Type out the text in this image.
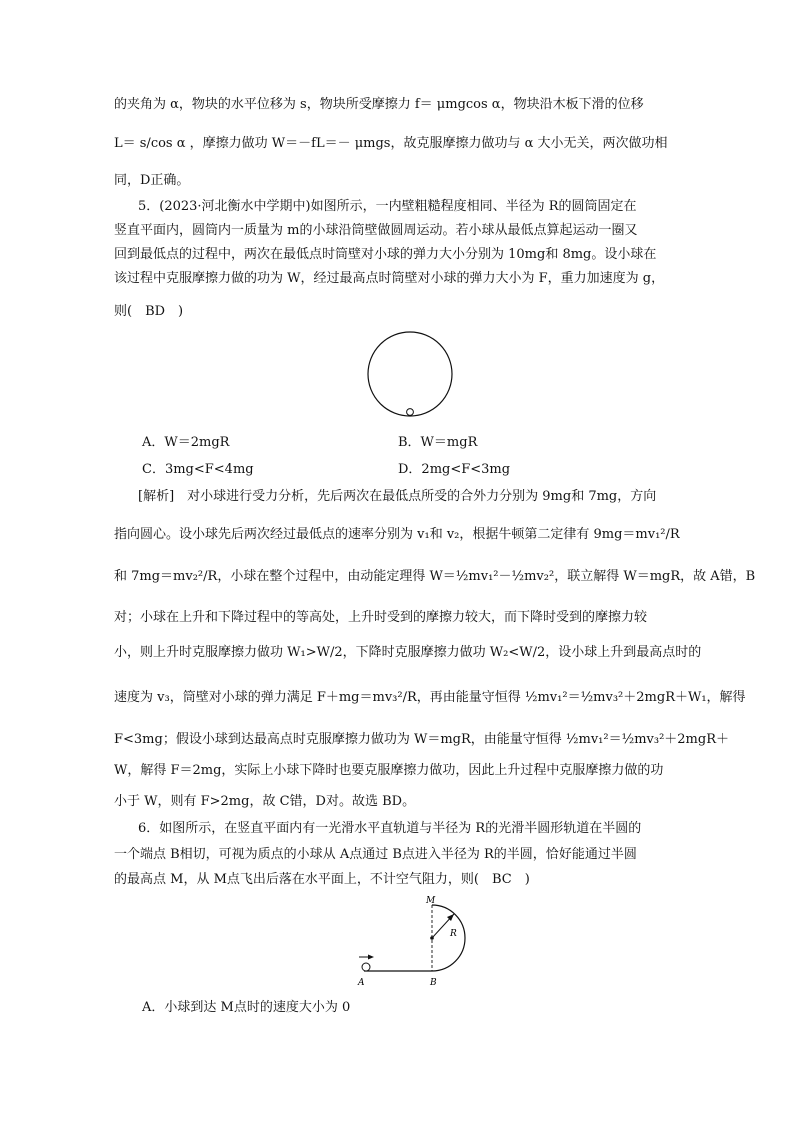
的夹角为 α，物块的水平位移为 s，物块所受摩擦力 f＝ μmgcos α，物块沿木板下滑的位移
L＝ s/cos α ，摩擦力做功 W＝－fL＝－ μmgs，故克服摩擦力做功与 α 大小无关，两次做功相
同，D正确。
5．(2023·河北衡水中学期中)如图所示，一内壁粗糙程度相同、半径为 R的圆筒固定在
竖直平面内，圆筒内一质量为 m的小球沿筒壁做圆周运动。若小球从最低点算起运动一圈又
回到最低点的过程中，两次在最低点时筒壁对小球的弹力大小分别为 10mg和 8mg。设小球在
该过程中克服摩擦力做的功为 W，经过最高点时筒壁对小球的弹力大小为 F，重力加速度为 g，
则(　BD　)
A．W＝2mgR	B．W＝mgR
C．3mg<F<4mg	D．2mg<F<3mg
[解析]　对小球进行受力分析，先后两次在最低点所受的合外力分别为 9mg和 7mg，方向
指向圆心。设小球先后两次经过最低点的速率分别为 v₁和 v₂，根据牛顿第二定律有 9mg＝mv₁²/R
和 7mg＝mv₂²/R，小球在整个过程中，由动能定理得 W＝½mv₁²－½mv₂²，联立解得 W＝mgR，故 A错，B
对；小球在上升和下降过程中的等高处，上升时受到的摩擦力较大，而下降时受到的摩擦力较
小，则上升时克服摩擦力做功 W₁>W/2，下降时克服摩擦力做功 W₂<W/2，设小球上升到最高点时的
速度为 v₃，筒壁对小球的弹力满足 F＋mg＝mv₃²/R，再由能量守恒得 ½mv₁²＝½mv₃²＋2mgR＋W₁，解得
F<3mg；假设小球到达最高点时克服摩擦力做功为 W＝mgR，由能量守恒得 ½mv₁²＝½mv₃²＋2mgR＋
W，解得 F＝2mg，实际上小球下降时也要克服摩擦力做功，因此上升过程中克服摩擦力做的功
小于 W，则有 F>2mg，故 C错，D对。故选 BD。
6．如图所示，在竖直平面内有一光滑水平直轨道与半径为 R的光滑半圆形轨道在半圆的
一个端点 B相切，可视为质点的小球从 A点通过 B点进入半径为 R的半圆，恰好能通过半圆
的最高点 M，从 M点飞出后落在水平面上，不计空气阻力，则(　BC　)
M
R
A	B
A．小球到达 M点时的速度大小为 0
